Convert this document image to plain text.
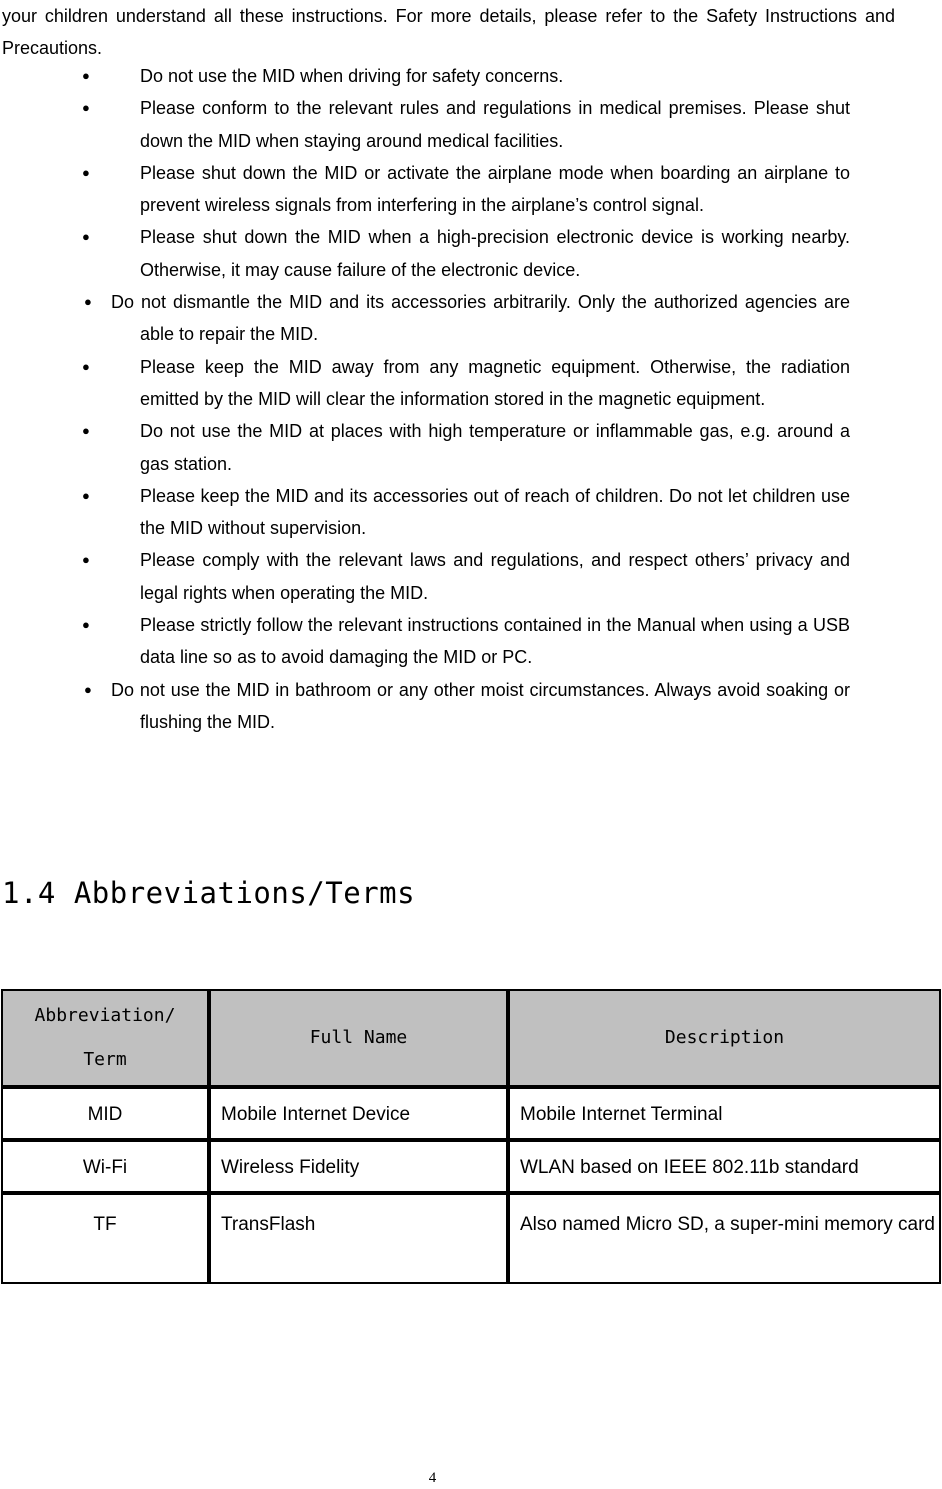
your children understand all these instructions. For more details, please refer to the Safety Instructions and Precautions.

●	Do not use the MID when driving for safety concerns.
●	Please conform to the relevant rules and regulations in medical premises. Please shut down the MID when staying around medical facilities.
●	Please shut down the MID or activate the airplane mode when boarding an airplane to prevent wireless signals from interfering in the airplane’s control signal.
●	Please shut down the MID when a high-precision electronic device is working nearby. Otherwise, it may cause failure of the electronic device.
● Do not dismantle the MID and its accessories arbitrarily. Only the authorized agencies are able to repair the MID.
●	Please keep the MID away from any magnetic equipment. Otherwise, the radiation emitted by the MID will clear the information stored in the magnetic equipment.
●	Do not use the MID at places with high temperature or inflammable gas, e.g. around a gas station.
●	Please keep the MID and its accessories out of reach of children. Do not let children use the MID without supervision.
●	Please comply with the relevant laws and regulations, and respect others’ privacy and legal rights when operating the MID.
●	Please strictly follow the relevant instructions contained in the Manual when using a USB data line so as to avoid damaging the MID or PC.
● Do not use the MID in bathroom or any other moist circumstances. Always avoid soaking or flushing the MID.
1.4 Abbreviations/Terms
Abbreviation/
Term	Full Name	Description
MID	Mobile Internet Device	Mobile Internet Terminal
Wi-Fi	Wireless Fidelity	WLAN based on IEEE 802.11b standard
TF	TransFlash	Also named Micro SD, a super-mini memory card
4
